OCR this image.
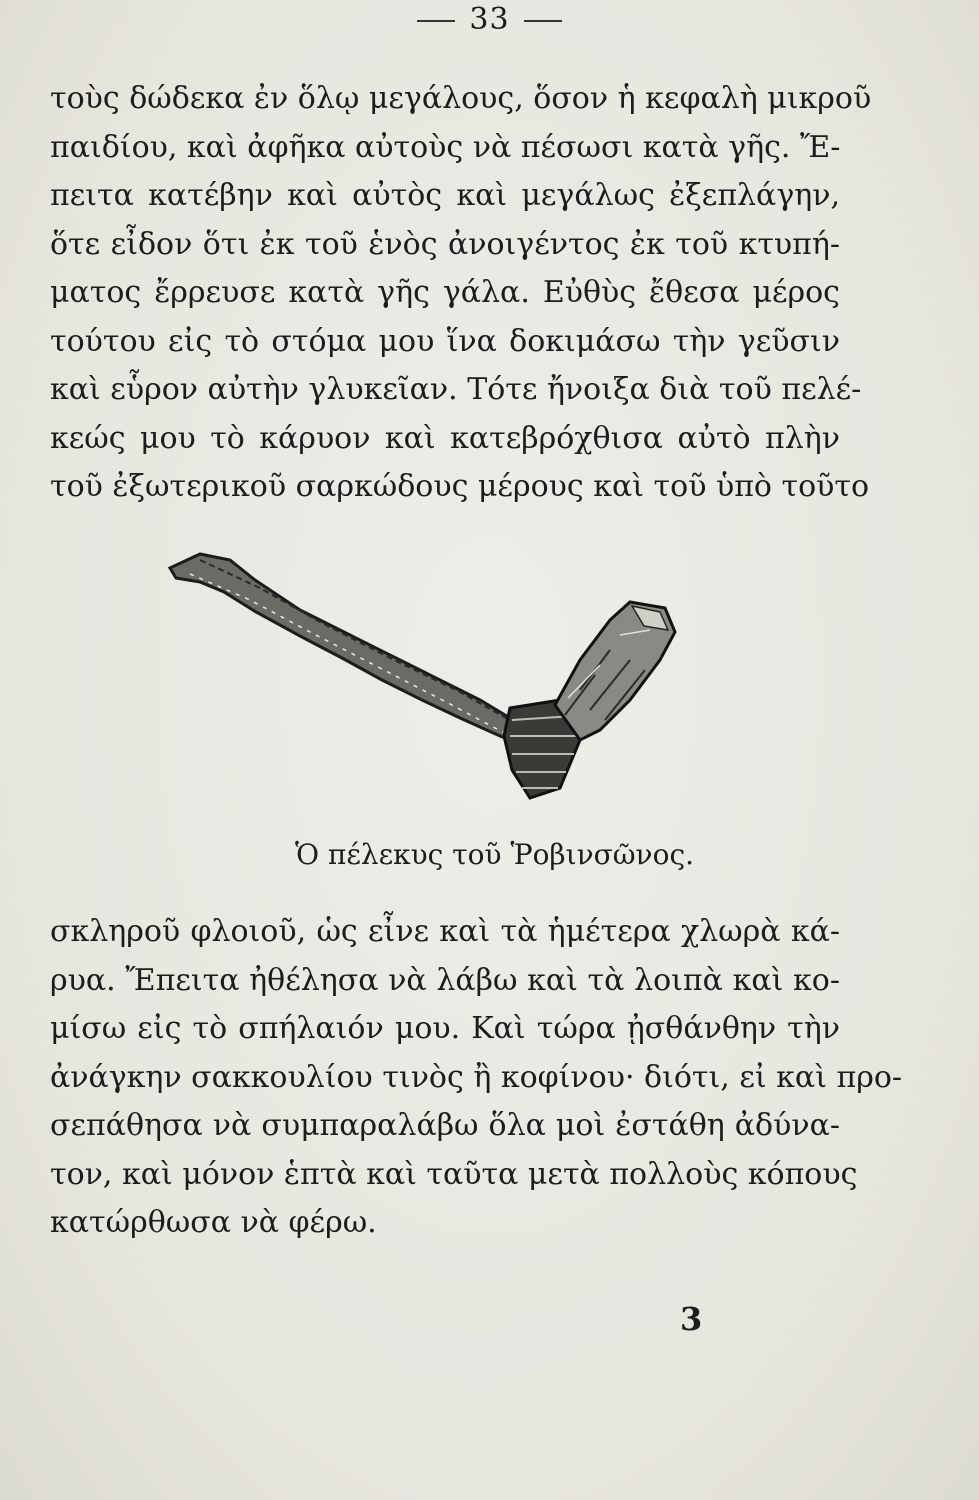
33
τοὺς δώδεκα ἐν ὅλῳ μεγάλους, ὅσον ἡ κεφαλὴ μικροῦ
παιδίου, καὶ ἀφῆκα αὐτοὺς νὰ πέσωσι κατὰ γῆς. Ἔ-
πειτα κατέβην καὶ αὐτὸς καὶ μεγάλως ἐξεπλάγην,
ὅτε εἶδον ὅτι ἐκ τοῦ ἑνὸς ἀνοιγέντος ἐκ τοῦ κτυπή-
ματος ἔρρευσε κατὰ γῆς γάλα. Εὐθὺς ἔθεσα μέρος
τούτου εἰς τὸ στόμα μου ἵνα δοκιμάσω τὴν γεῦσιν
καὶ εὗρον αὐτὴν γλυκεῖαν. Τότε ἤνοιξα διὰ τοῦ πελέ-
κεώς μου τὸ κάρυον καὶ κατεβρόχθισα αὐτὸ πλὴν
τοῦ ἐξωτερικοῦ σαρκώδους μέρους καὶ τοῦ ὑπὸ τοῦτο
Ὁ πέλεκυς τοῦ Ῥοβινσῶνος.
σκληροῦ φλοιοῦ, ὡς εἶνε καὶ τὰ ἡμέτερα χλωρὰ κά-
ρυα. Ἔπειτα ἠθέλησα νὰ λάβω καὶ τὰ λοιπὰ καὶ κο-
μίσω εἰς τὸ σπήλαιόν μου. Καὶ τώρα ᾐσθάνθην τὴν
ἀνάγκην σακκουλίου τινὸς ἢ κοφίνου· διότι, εἰ καὶ προ-
σεπάθησα νὰ συμπαραλάβω ὅλα μοὶ ἐστάθη ἀδύνα-
τον, καὶ μόνον ἑπτὰ καὶ ταῦτα μετὰ πολλοὺς κόπους
κατώρθωσα νὰ φέρω.
3
